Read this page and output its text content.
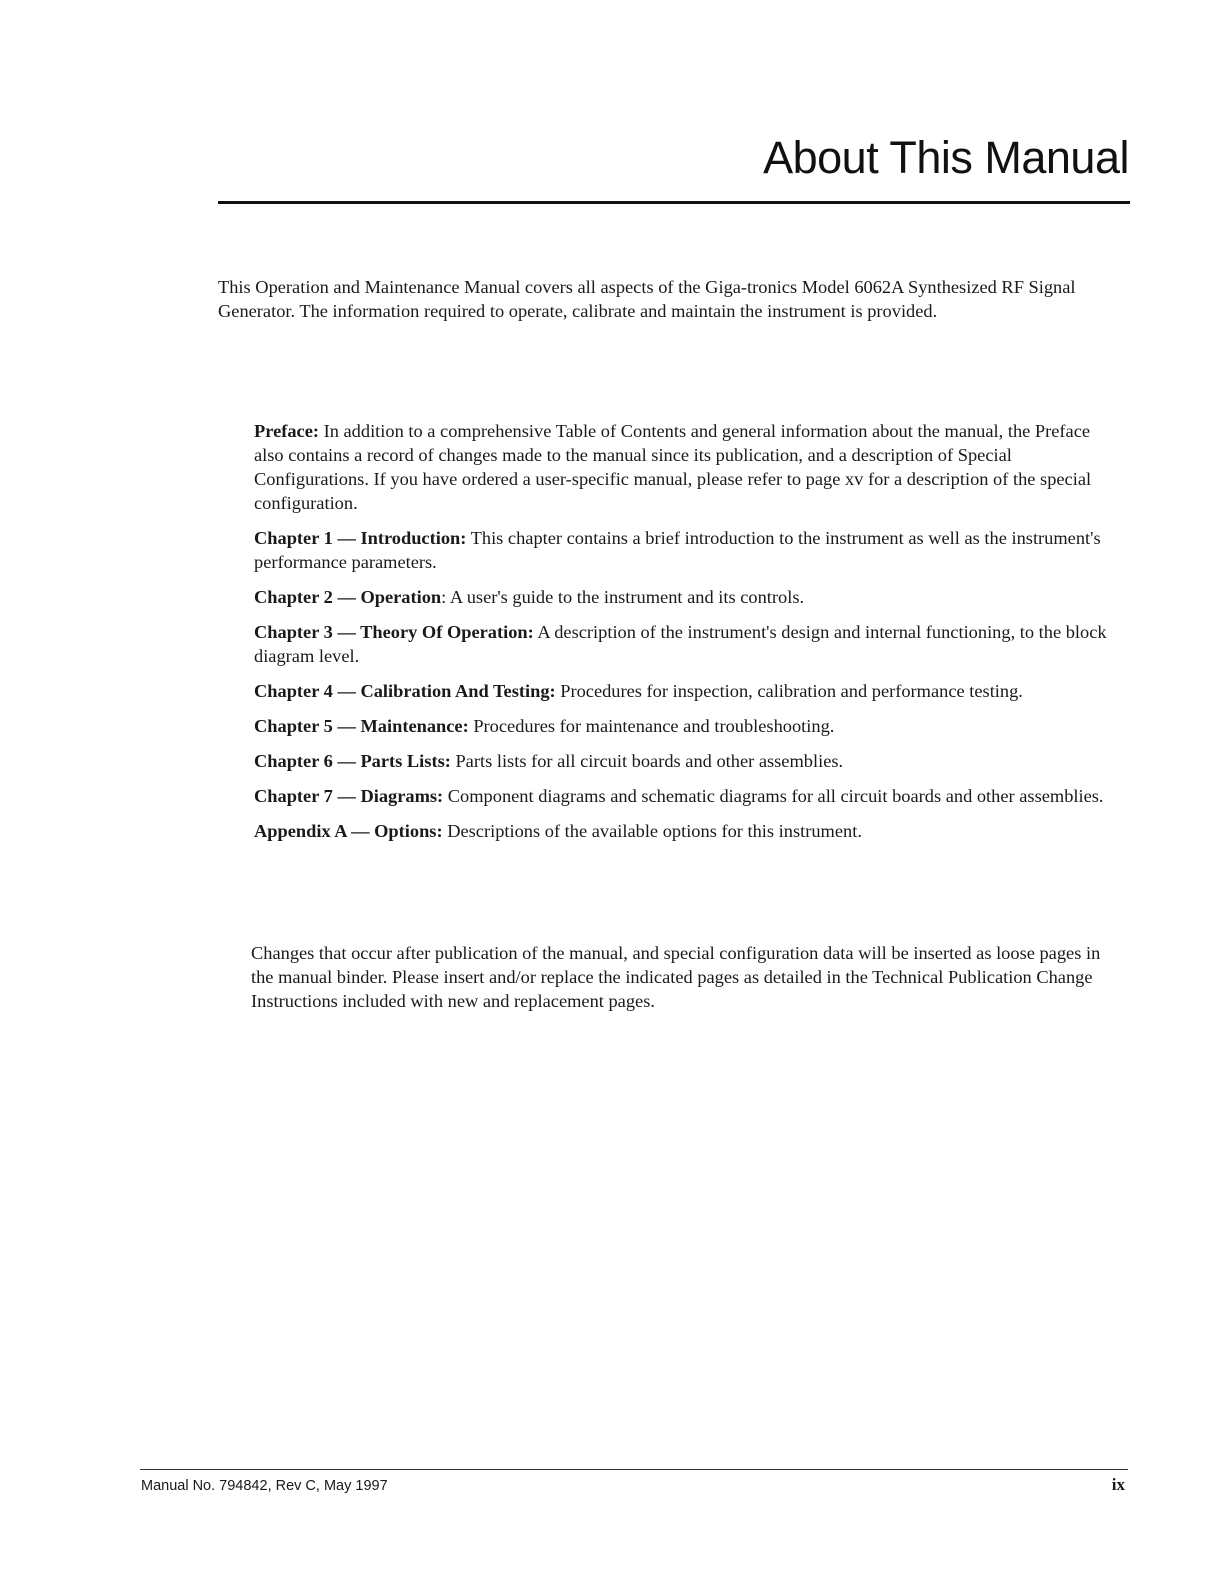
About This Manual

This Operation and Maintenance Manual covers all aspects of the Giga-tronics Model 6062A Synthesized RF Signal Generator. The information required to operate, calibrate and maintain the instrument is provided.

Preface: In addition to a comprehensive Table of Contents and general information about the manual, the Preface also contains a record of changes made to the manual since its publication, and a description of Special Configurations. If you have ordered a user-specific manual, please refer to page xv for a description of the special configuration.
Chapter 1 — Introduction: This chapter contains a brief introduction to the instrument as well as the instrument's performance parameters.
Chapter 2 — Operation: A user's guide to the instrument and its controls.
Chapter 3 — Theory Of Operation: A description of the instrument's design and internal functioning, to the block diagram level.
Chapter 4 — Calibration And Testing: Procedures for inspection, calibration and performance testing.
Chapter 5 — Maintenance: Procedures for maintenance and troubleshooting.
Chapter 6 — Parts Lists: Parts lists for all circuit boards and other assemblies.
Chapter 7 — Diagrams: Component diagrams and schematic diagrams for all circuit boards and other assemblies.
Appendix A — Options: Descriptions of the available options for this instrument.

Changes that occur after publication of the manual, and special configuration data will be inserted as loose pages in the manual binder. Please insert and/or replace the indicated pages as detailed in the Technical Publication Change Instructions included with new and replacement pages.

Manual No. 794842, Rev C, May 1997	ix
